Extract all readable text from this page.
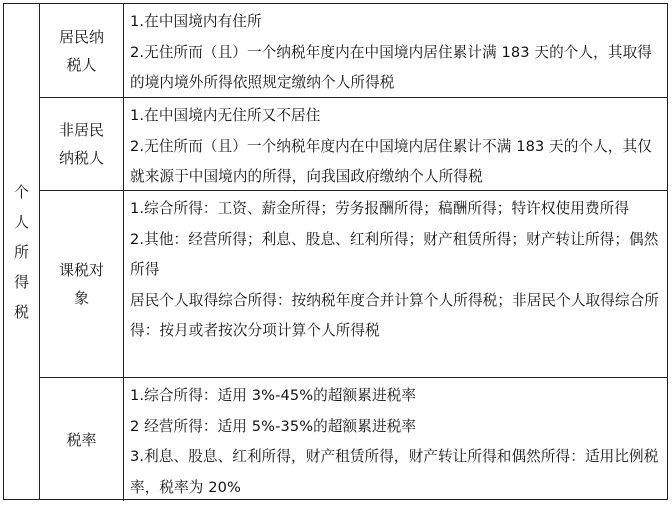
个人所得税
居民纳税人
1.在中国境内有住所
2.无住所而（且）一个纳税年度内在中国境内居住累计满 183 天的个人，其取得的境内境外所得依照规定缴纳个人所得税
非居民纳税人
1.在中国境内无住所又不居住
2.无住所而（且）一个纳税年度内在中国境内居住累计不满 183 天的个人，其仅就来源于中国境内的所得，向我国政府缴纳个人所得税
课税对象
1.综合所得：工资、薪金所得；劳务报酬所得；稿酬所得；特许权使用费所得
2.其他：经营所得；利息、股息、红利所得；财产租赁所得；财产转让所得；偶然所得
居民个人取得综合所得：按纳税年度合并计算个人所得税；非居民个人取得综合所得：按月或者按次分项计算个人所得税
税率
1.综合所得：适用 3%-45%的超额累进税率
2 经营所得：适用 5%-35%的超额累进税率
3.利息、股息、红利所得，财产租赁所得，财产转让所得和偶然所得：适用比例税率，税率为 20%
